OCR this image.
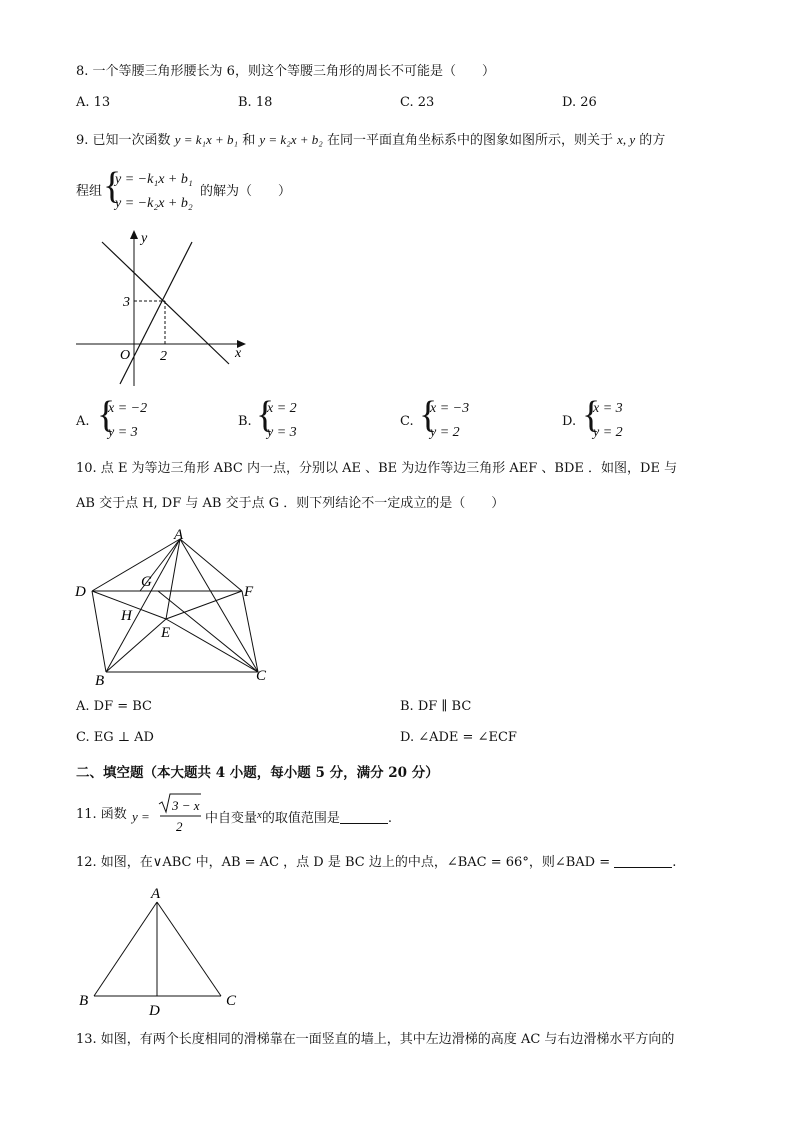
8. 一个等腰三角形腰长为 6，则这个等腰三角形的周长不可能是（　　）
A. 13	B. 18	C. 23	D. 26
9. 已知一次函数 y = k₁x + b₁ 和 y = k₂x + b₂ 在同一平面直角坐标系中的图象如图所示，则关于 x, y 的方
程组 {
y = −k₁x + b₁
y = −k₂x + b₂
的解为（　　）
y
x
O
3
2
A. {
x = −2
y = 3
B. {
x = 2
y = 3
C. {
x = −3
y = 2
D. {
x = 3
y = 2
10. 点 E 为等边三角形 ABC 内一点，分别以 AE 、BE 为边作等边三角形 AEF 、BDE ．如图，DE 与
AB 交于点 H, DF 与 AB 交于点 G ．则下列结论不一定成立的是（　　）
A
D	F
G
H
E
B	C
A. DF = BC	B. DF ∥ BC
C. EG ⊥ AD	D. ∠ADE = ∠ECF
二、填空题（本大题共 4 小题，每小题 5 分，满分 20 分）
11. 函数 y =
3 − x
2
中自变量$^x$的取值范围是	.
12. 如图，在∨ABC 中，AB = AC ，点 D 是 BC 边上的中点，∠BAC = 66°，则∠BAD =	.
A
B	C
D
13. 如图，有两个长度相同的滑梯靠在一面竖直的墙上，其中左边滑梯的高度 AC 与右边滑梯水平方向的
